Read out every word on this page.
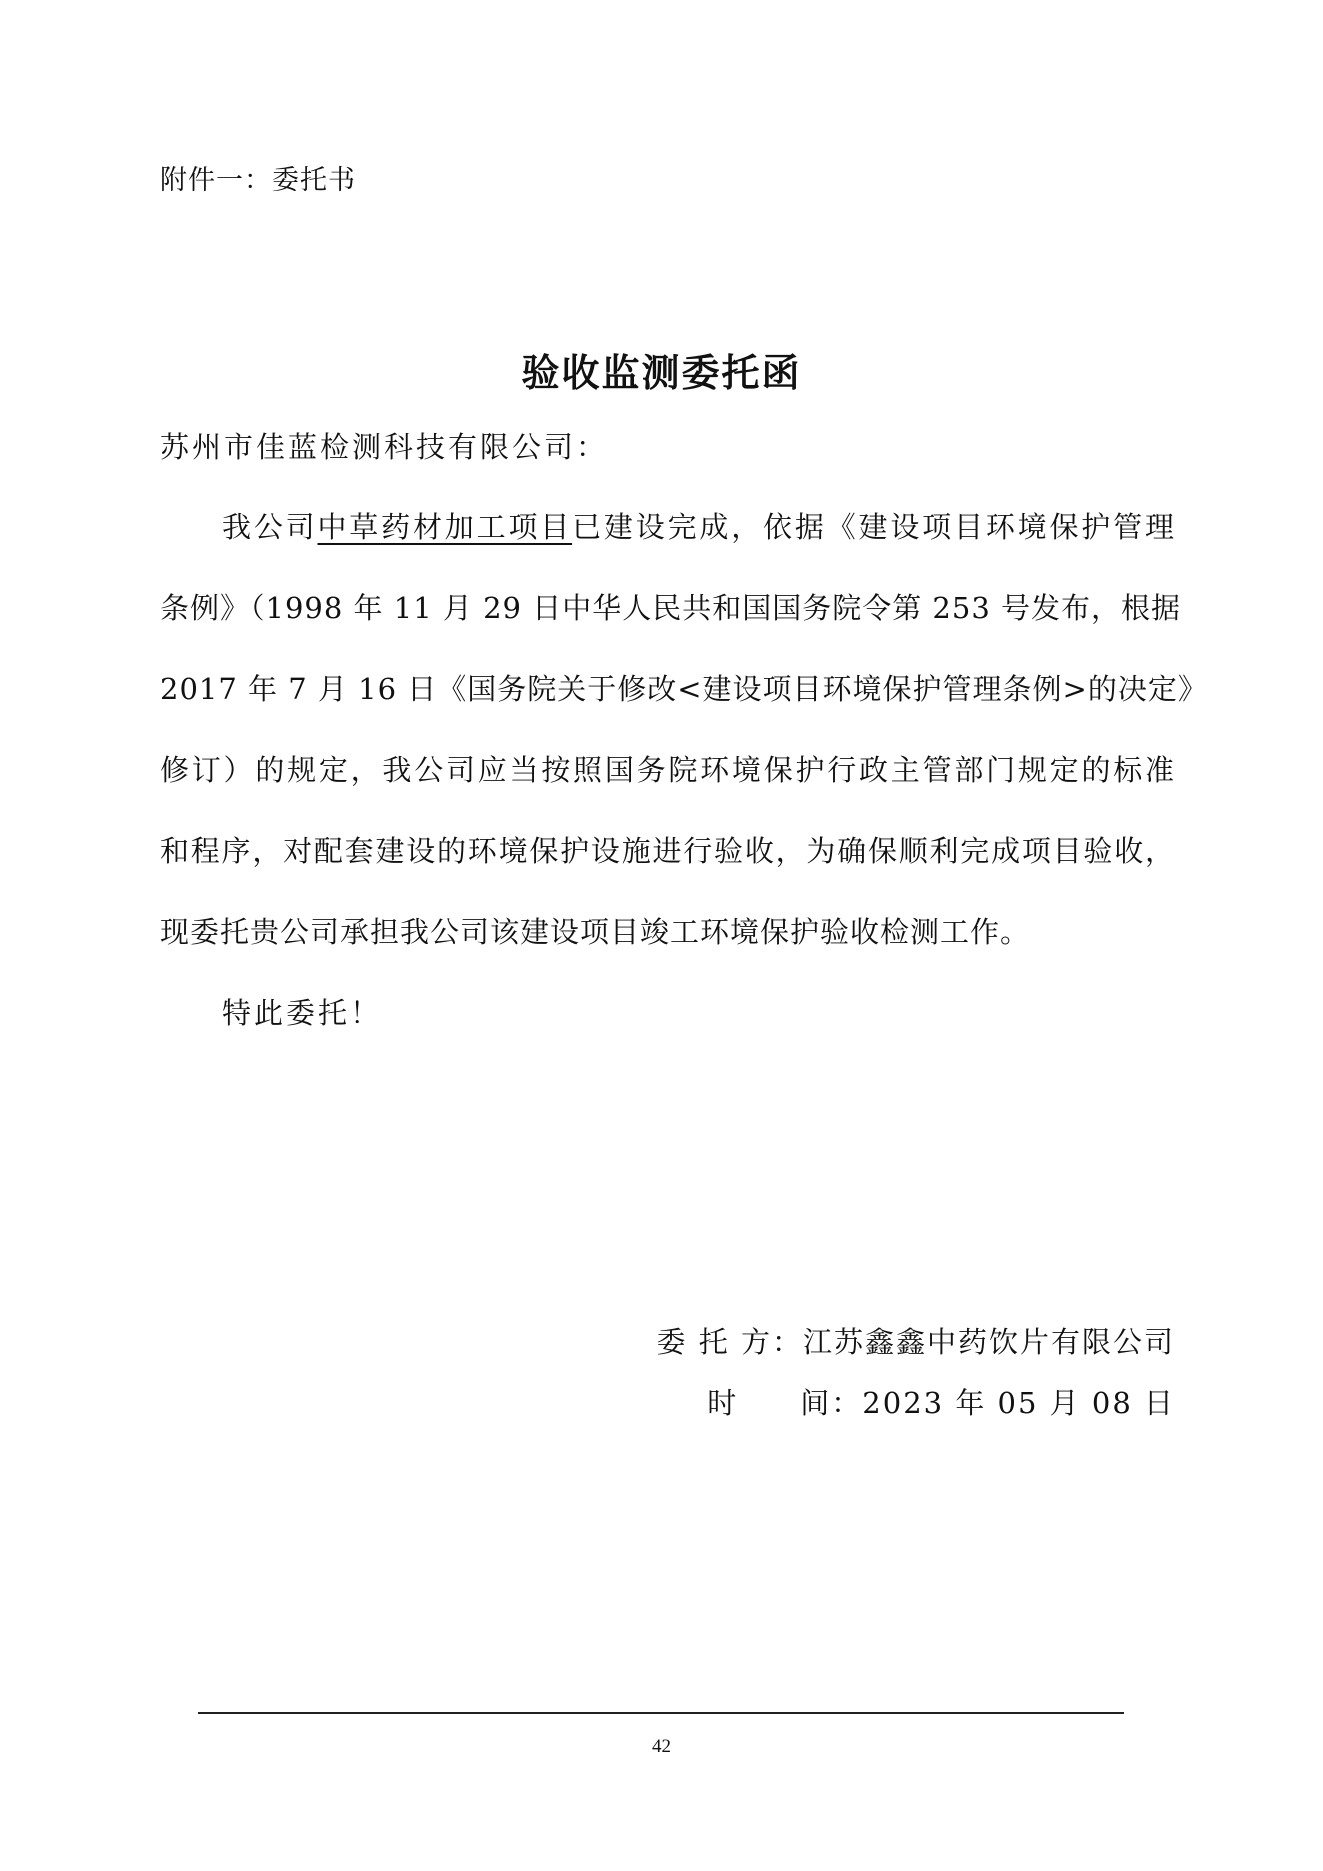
附件一：委托书
验收监测委托函
苏州市佳蓝检测科技有限公司：
我公司中草药材加工项目已建设完成，依据《建设项目环境保护管理
条例》（1998 年 11 月 29 日中华人民共和国国务院令第 253 号发布，根据
2017 年 7 月 16 日《国务院关于修改<建设项目环境保护管理条例>的决定》
修订）的规定，我公司应当按照国务院环境保护行政主管部门规定的标准
和程序，对配套建设的环境保护设施进行验收，为确保顺利完成项目验收，
现委托贵公司承担我公司该建设项目竣工环境保护验收检测工作。
特此委托！
委 托 方：江苏鑫鑫中药饮片有限公司
时　　间：2023 年 05 月 08 日
42
